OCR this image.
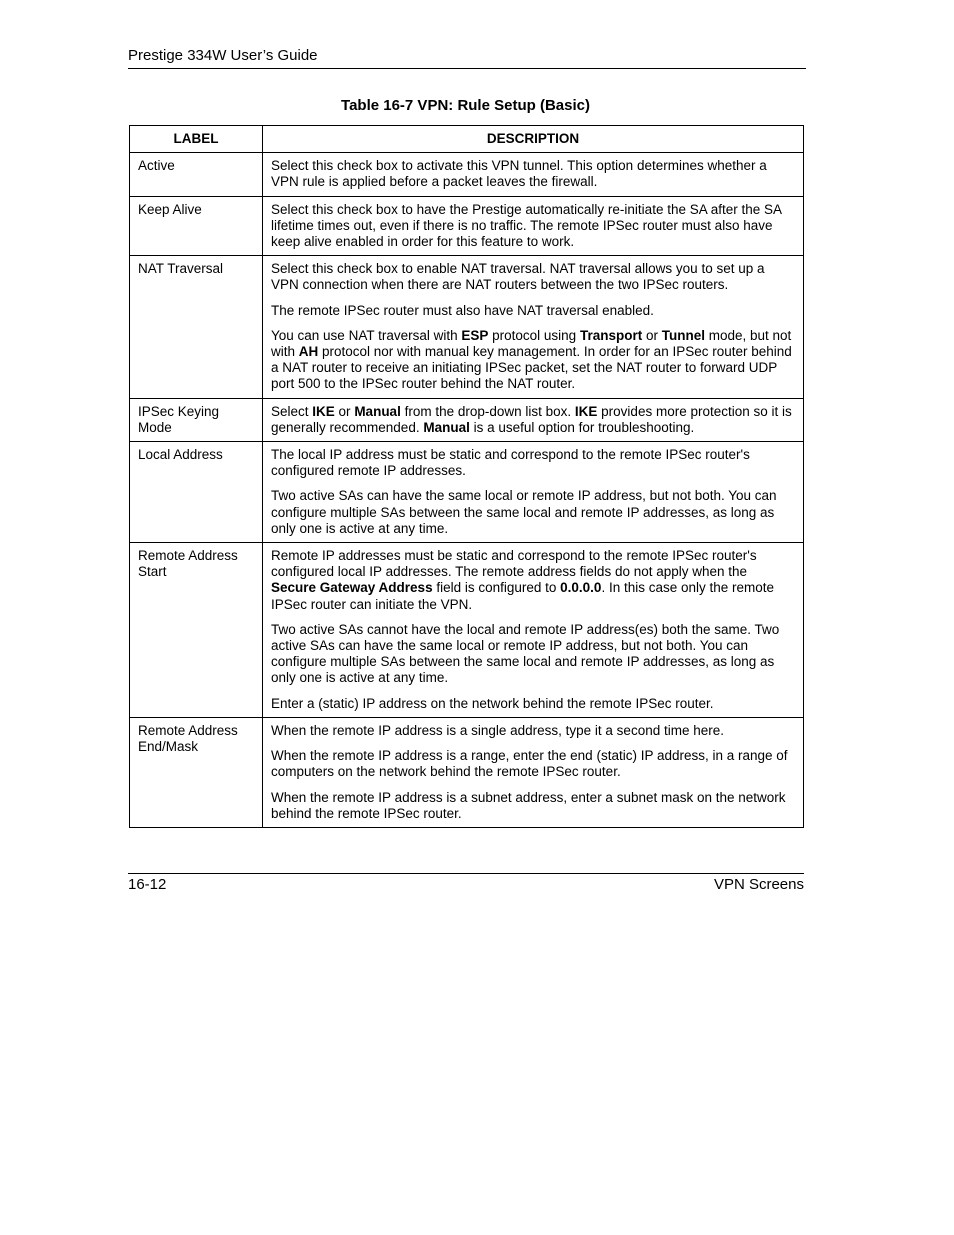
Prestige 334W User’s Guide
Table 16-7 VPN: Rule Setup (Basic)
LABEL	DESCRIPTION
Active	Select this check box to activate this VPN tunnel. This option determines whether a VPN rule is applied before a packet leaves the firewall.

Keep Alive	Select this check box to have the Prestige automatically re-initiate the SA after the SA lifetime times out, even if there is no traffic. The remote IPSec router must also have keep alive enabled in order for this feature to work.

NAT Traversal	Select this check box to enable NAT traversal. NAT traversal allows you to set up a VPN connection when there are NAT routers between the two IPSec routers.

The remote IPSec router must also have NAT traversal enabled.

You can use NAT traversal with ESP protocol using Transport or Tunnel mode, but not with AH protocol nor with manual key management. In order for an IPSec router behind a NAT router to receive an initiating IPSec packet, set the NAT router to forward UDP port 500 to the IPSec router behind the NAT router.

IPSec Keying Mode	Select IKE or Manual from the drop-down list box. IKE provides more protection so it is generally recommended. Manual is a useful option for troubleshooting.

Local Address	The local IP address must be static and correspond to the remote IPSec router's configured remote IP addresses.

Two active SAs can have the same local or remote IP address, but not both. You can configure multiple SAs between the same local and remote IP addresses, as long as only one is active at any time.

Remote Address Start	Remote IP addresses must be static and correspond to the remote IPSec router's configured local IP addresses. The remote address fields do not apply when the Secure Gateway Address field is configured to 0.0.0.0. In this case only the remote IPSec router can initiate the VPN.

Two active SAs cannot have the local and remote IP address(es) both the same. Two active SAs can have the same local or remote IP address, but not both. You can configure multiple SAs between the same local and remote IP addresses, as long as only one is active at any time.

Enter a (static) IP address on the network behind the remote IPSec router.

Remote Address End/Mask	When the remote IP address is a single address, type it a second time here.

When the remote IP address is a range, enter the end (static) IP address, in a range of computers on the network behind the remote IPSec router.

When the remote IP address is a subnet address, enter a subnet mask on the network behind the remote IPSec router.

16-12	VPN Screens
